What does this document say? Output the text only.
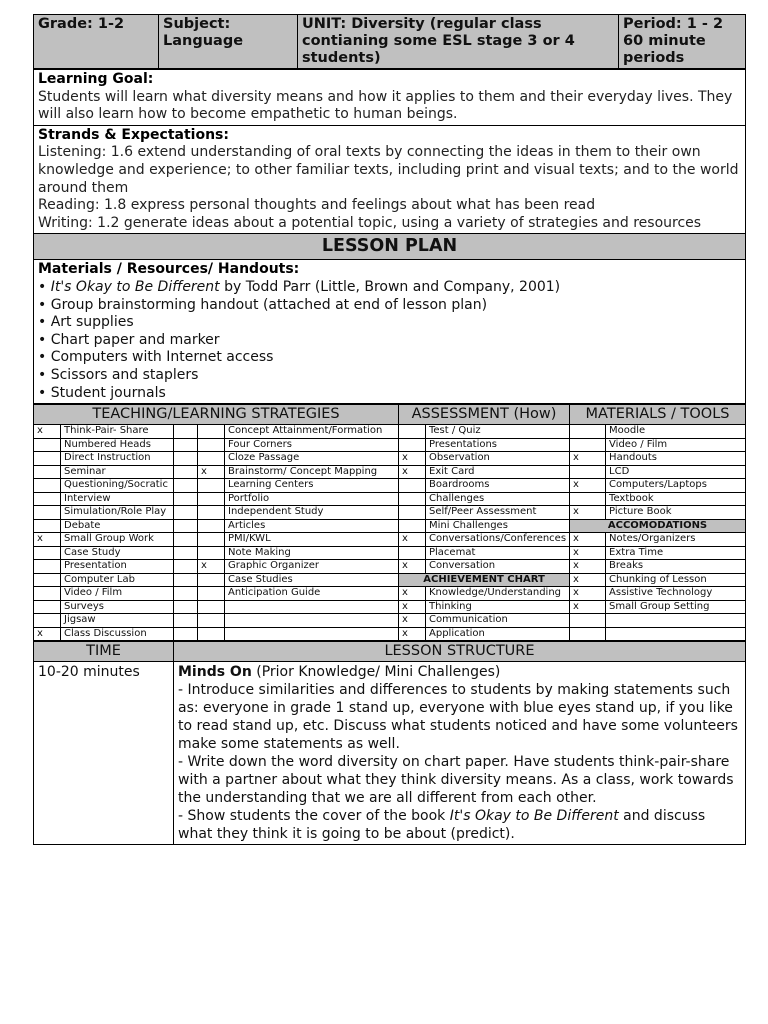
Grade: 1-2	Subject: Language	UNIT: Diversity (regular class contianing some ESL stage 3 or 4 students)	Period: 1 - 2 60 minute periods
Learning Goal:
Students will learn what diversity means and how it applies to them and their everyday lives. They will also learn how to become empathetic to human beings.
Strands & Expectations:
Listening: 1.6 extend understanding of oral texts by connecting the ideas in them to their own knowledge and experience; to other familiar texts, including print and visual texts; and to the world around them
Reading: 1.8 express personal thoughts and feelings about what has been read
Writing: 1.2 generate ideas about a potential topic, using a variety of strategies and resources
LESSON PLAN
Materials / Resources/ Handouts:
• It's Okay to Be Different by Todd Parr (Little, Brown and Company, 2001)
• Group brainstorming handout (attached at end of lesson plan)
• Art supplies
• Chart paper and marker
• Computers with Internet access
• Scissors and staplers
• Student journals
TEACHING/LEARNING STRATEGIES					ASSESSMENT (How)		MATERIALS / TOOLS	
x	Think-Pair- Share			Concept Attainment/Formation		Test / Quiz		Moodle
	Numbered Heads			Four Corners		Presentations		Video / Film
	Direct Instruction			Cloze Passage	x	Observation	x	Handouts
	Seminar		x	Brainstorm/ Concept Mapping	x	Exit Card		LCD
	Questioning/Socratic			Learning Centers		Boardrooms	x	Computers/Laptops
	Interview			Portfolio		Challenges		Textbook
	Simulation/Role Play			Independent Study		Self/Peer Assessment	x	Picture Book
	Debate			Articles		Mini Challenges	ACCOMODATIONS	
x	Small Group Work			PMI/KWL	x	Conversations/Conferences	x	Notes/Organizers
	Case Study			Note Making		Placemat	x	Extra Time
	Presentation		x	Graphic Organizer	x	Conversation	x	Breaks
	Computer Lab			Case Studies	ACHIEVEMENT CHART		x	Chunking of Lesson
	Video / Film			Anticipation Guide	x	Knowledge/Understanding	x	Assistive Technology
	Surveys				x	Thinking	x	Small Group Setting
	Jigsaw				x	Communication		
x	Class Discussion				x	Application		
TIME	LESSON STRUCTURE
10-20 minutes	Minds On (Prior Knowledge/ Mini Challenges)
- Introduce similarities and differences to students by making statements such as: everyone in grade 1 stand up, everyone with blue eyes stand up, if you like to read stand up, etc. Discuss what students noticed and have some volunteers make some statements as well.
- Write down the word diversity on chart paper. Have students think-pair-share with a partner about what they think diversity means. As a class, work towards the understanding that we are all different from each other.
- Show students the cover of the book It's Okay to Be Different and discuss what they think it is going to be about (predict).
